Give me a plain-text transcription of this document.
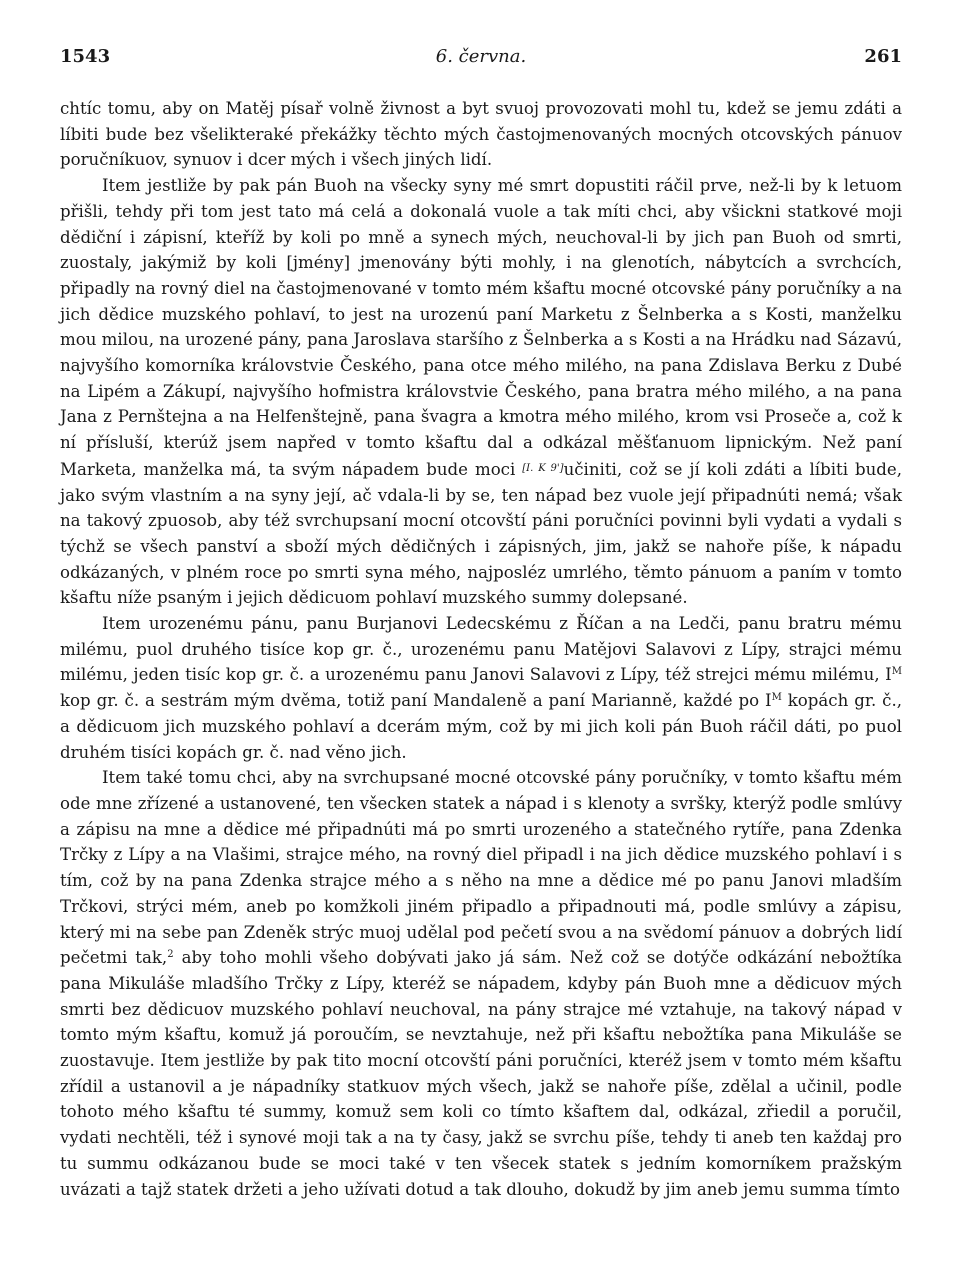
1543	6. června.	261

chtíc tomu, aby on Matěj písař volně živnost a byt svuoj provozovati mohl tu, kdež se jemu zdáti a líbiti bude bez všelikteraké překážky těchto mých častojmenovaných mocných otcovských pánuov poručníkuov, synuov i dcer mých i všech jiných lidí.

Item jestliže by pak pán Buoh na všecky syny mé smrt dopustiti ráčil prve, než-li by k letuom přišli, tehdy při tom jest tato má celá a dokonalá vuole a tak míti chci, aby všickni statkové moji dědiční i zápisní, kteříž by koli po mně a synech mých, neuchoval-li by jich pan Buoh od smrti, zuostaly, jakýmiž by koli [jmény] jmenovány býti mohly, i na glenotích, nábytcích a svrchcích, připadly na rovný diel na častojmenované v tomto mém kšaftu mocné otcovské pány poručníky a na jich dědice muzského pohlaví, to jest na urozenú paní Marketu z Šelnberka a s Kosti, manželku mou milou, na urozené pány, pana Jaroslava staršího z Šelnberka a s Kosti a na Hrádku nad Sázavú, najvyšího komorníka královstvie Českého, pana otce mého milého, na pana Zdislava Berku z Dubé na Lipém a Zákupí, najvyšího hofmistra královstvie Českého, pana bratra mého milého, a na pana Jana z Pernštejna a na Helfenštejně, pana švagra a kmotra mého milého, krom vsi Proseče a, což k ní přísluší, kterúž jsem napřed v tomto kšaftu dal a odkázal měšťanuom lipnickým. Než paní Marketa, manželka má, ta svým nápadem bude moci [I. K 9']učiniti, což se jí koli zdáti a líbiti bude, jako svým vlastním a na syny její, ač vdala-li by se, ten nápad bez vuole její připadnúti nemá; však na takový zpuosob, aby též svrchupsaní mocní otcovští páni poručníci povinni byli vydati a vydali s týchž se všech panství a sboží mých dědičných i zápisných, jim, jakž se nahoře píše, k nápadu odkázaných, v plném roce po smrti syna mého, najposléz umrlého, těmto pánuom a paním v tomto kšaftu níže psaným i jejich dědicuom pohlaví muzského summy dolepsané.

Item urozenému pánu, panu Burjanovi Ledecskému z Říčan a na Ledči, panu bratru mému milému, puol druhého tisíce kop gr. č., urozenému panu Matějovi Salavovi z Lípy, strajci mému milému, jeden tisíc kop gr. č. a urozenému panu Janovi Salavovi z Lípy, též strejci mému milému, $I^M$ kop gr. č. a sestrám mým dvěma, totiž paní Mandaleně a paní Marianně, každé po $I^M$ kopách gr. č., a dědicuom jich muzského pohlaví a dcerám mým, což by mi jich koli pán Buoh ráčil dáti, po puol druhém tisíci kopách gr. č. nad věno jich.

Item také tomu chci, aby na svrchupsané mocné otcovské pány poručníky, v tomto kšaftu mém ode mne zřízené a ustanovené, ten všecken statek a nápad i s klenoty a svršky, kterýž podle smlúvy a zápisu na mne a dědice mé připadnúti má po smrti urozeného a statečného rytíře, pana Zdenka Trčky z Lípy a na Vlašimi, strajce mého, na rovný diel připadl i na jich dědice muzského pohlaví i s tím, což by na pana Zdenka strajce mého a s něho na mne a dědice mé po panu Janovi mladším Trčkovi, strýci mém, aneb po komžkoli jiném připadlo a připadnouti má, podle smlúvy a zápisu, který mi na sebe pan Zdeněk strýc muoj udělal pod pečetí svou a na svědomí pánuov a dobrých lidí pečetmi tak,$^2$ aby toho mohli všeho dobývati jako já sám. Než což se dotýče odkázání nebožtíka pana Mikuláše mladšího Trčky z Lípy, kteréž se nápadem, kdyby pán Buoh mne a dědicuov mých smrti bez dědicuov muzského pohlaví neuchoval, na pány strajce mé vztahuje, na takový nápad v tomto mým kšaftu, komuž já poroučím, se nevztahuje, než při kšaftu nebožtíka pana Mikuláše se zuostavuje. Item jestliže by pak tito mocní otcovští páni poručníci, kteréž jsem v tomto mém kšaftu zřídil a ustanovil a je nápadníky statkuov mých všech, jakž se nahoře píše, zdělal a učinil, podle tohoto mého kšaftu té summy, komuž sem koli co tímto kšaftem dal, odkázal, zřiedil a poručil, vydati nechtěli, též i synové moji tak a na ty časy, jakž se svrchu píše, tehdy ti aneb ten každaj pro tu summu odkázanou bude se moci také v ten všecek statek s jedním komorníkem pražským uvázati a tajž statek držeti a jeho užívati dotud a tak dlouho, dokudž by jim aneb jemu summa tímto
